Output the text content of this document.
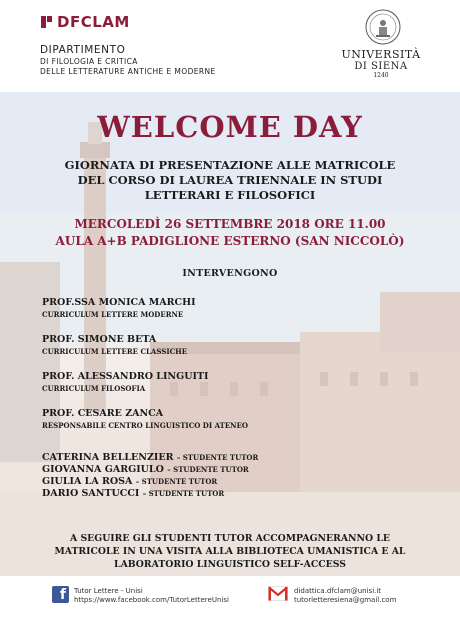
DFCLAM
DIPARTIMENTO
DI FILOLOGIA E CRITICA
DELLE LETTERATURE ANTICHE E MODERNE
UNIVERSITÀ
DI SIENA
1240
WELCOME DAY
GIORNATA DI PRESENTAZIONE ALLE MATRICOLE
DEL CORSO DI LAUREA TRIENNALE IN STUDI
LETTERARI E FILOSOFICI
MERCOLEDÌ 26 SETTEMBRE 2018 ORE 11.00
AULA A+B PADIGLIONE ESTERNO (SAN NICCOLÒ)
INTERVENGONO
PROF.SSA MONICA MARCHI
CURRICULUM LETTERE MODERNE
PROF. SIMONE BETA
CURRICULUM LETTERE CLASSICHE
PROF. ALESSANDRO LINGUITI
CURRICULUM FILOSOFIA
PROF. CESARE ZANCA
RESPONSABILE CENTRO LINGUISTICO DI ATENEO
CATERINA BELLENZIER – STUDENTE TUTOR
GIOVANNA GARGIULO – STUDENTE TUTOR
GIULIA LA ROSA – STUDENTE TUTOR
DARIO SANTUCCI – STUDENTE TUTOR
A SEGUIRE GLI STUDENTI TUTOR ACCOMPAGNERANNO LE
MATRICOLE IN UNA VISITA ALLA BIBLIOTECA UMANISTICA E AL
LABORATORIO LINGUISTICO SELF-ACCESS
f Tutor Lettere - Unisi
https://www.facebook.com/TutorLettereUnisi
didattica.dfclam@unisi.it
tutorletteresiena@gmail.com
